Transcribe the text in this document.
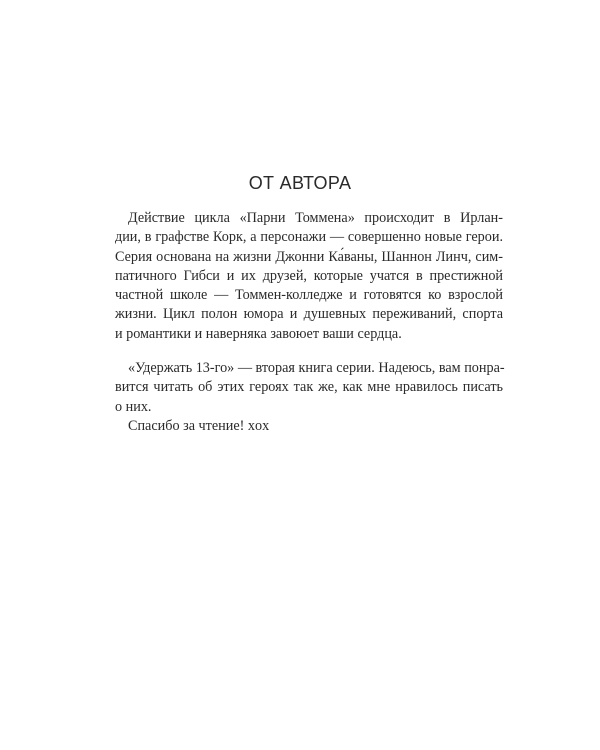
ОТ АВТОРА

Действие цикла «Парни Томмена» происходит в Ирлан-
дии, в графстве Корк, а персонажи — совершенно новые герои.
Серия основана на жизни Джонни Ка́ваны, Шаннон Линч, сим-
патичного Гибси и их друзей, которые учатся в престижной
частной школе — Томмен-колледже и готовятся ко взрослой
жизни. Цикл полон юмора и душевных переживаний, спорта
и романтики и наверняка завоюет ваши сердца.

«Удержать 13-го» — вторая книга серии. Надеюсь, вам понра-
вится читать об этих героях так же, как мне нравилось писать
о них.

Спасибо за чтение! xox
